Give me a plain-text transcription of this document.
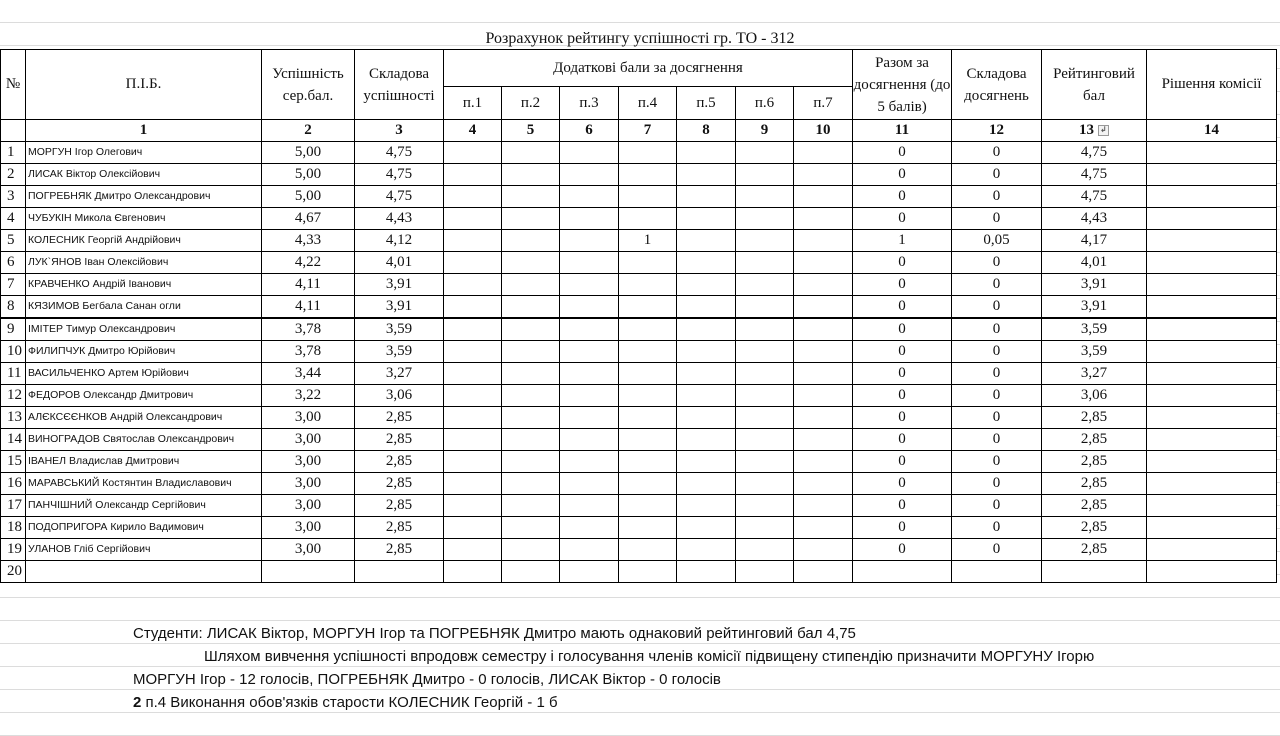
Розрахунок рейтингу успішності гр. ТО - 312
№	П.І.Б.	Успішність сер.бал.	Складова успішності	Додаткові бали за досягнення							Разом за досягнення (до 5 балів)	Складова досягнень	Рейтинговий бал	Рішення комісії
				п.1	п.2	п.3	п.4	п.5	п.6	п.7				
	1	2	3	4	5	6	7	8	9	10	11	12	13 ↲	14
1	МОРГУН Ігор Олегович	5,00	4,75								0	0	4,75	
2	ЛИСАК Віктор Олексійович	5,00	4,75								0	0	4,75	
3	ПОГРЕБНЯК Дмитро Олександрович	5,00	4,75								0	0	4,75	
4	ЧУБУКІН Микола Євгенович	4,67	4,43								0	0	4,43	
5	КОЛЕСНИК Георгій Андрійович	4,33	4,12				1				1	0,05	4,17	
6	ЛУК`ЯНОВ Іван Олексійович	4,22	4,01								0	0	4,01	
7	КРАВЧЕНКО Андрій Іванович	4,11	3,91								0	0	3,91	
8	КЯЗИМОВ Бегбала Санан огли	4,11	3,91								0	0	3,91	
9	ІМІТЕР Тимур Олександрович	3,78	3,59								0	0	3,59	
10	ФИЛИПЧУК Дмитро Юрійович	3,78	3,59								0	0	3,59	
11	ВАСИЛЬЧЕНКО Артем Юрійович	3,44	3,27								0	0	3,27	
12	ФЕДОРОВ Олександр Дмитрович	3,22	3,06								0	0	3,06	
13	АЛЄКСЄЄНКОВ Андрій Олександрович	3,00	2,85								0	0	2,85	
14	ВИНОГРАДОВ Святослав Олександрович	3,00	2,85								0	0	2,85	
15	ІВАНЕЛ Владислав Дмитрович	3,00	2,85								0	0	2,85	
16	МАРАВСЬКИЙ Костянтин Владиславович	3,00	2,85								0	0	2,85	
17	ПАНЧІШНИЙ Олександр Сергійович	3,00	2,85								0	0	2,85	
18	ПОДОПРИГОРА Кирило Вадимович	3,00	2,85								0	0	2,85	
19	УЛАНОВ Гліб Сергійович	3,00	2,85								0	0	2,85	
20														
Студенти: ЛИСАК Віктор, МОРГУН Ігор та ПОГРЕБНЯК Дмитро мають однаковий рейтинговий бал 4,75
Шляхом вивчення успішності впродовж семестру і голосування членів комісії підвищену стипендію призначити МОРГУНУ Ігорю
МОРГУН Ігор - 12 голосів, ПОГРЕБНЯК Дмитро - 0 голосів, ЛИСАК Віктор - 0 голосів
2 п.4 Виконання обов'язків старости КОЛЕСНИК Георгій - 1 б
